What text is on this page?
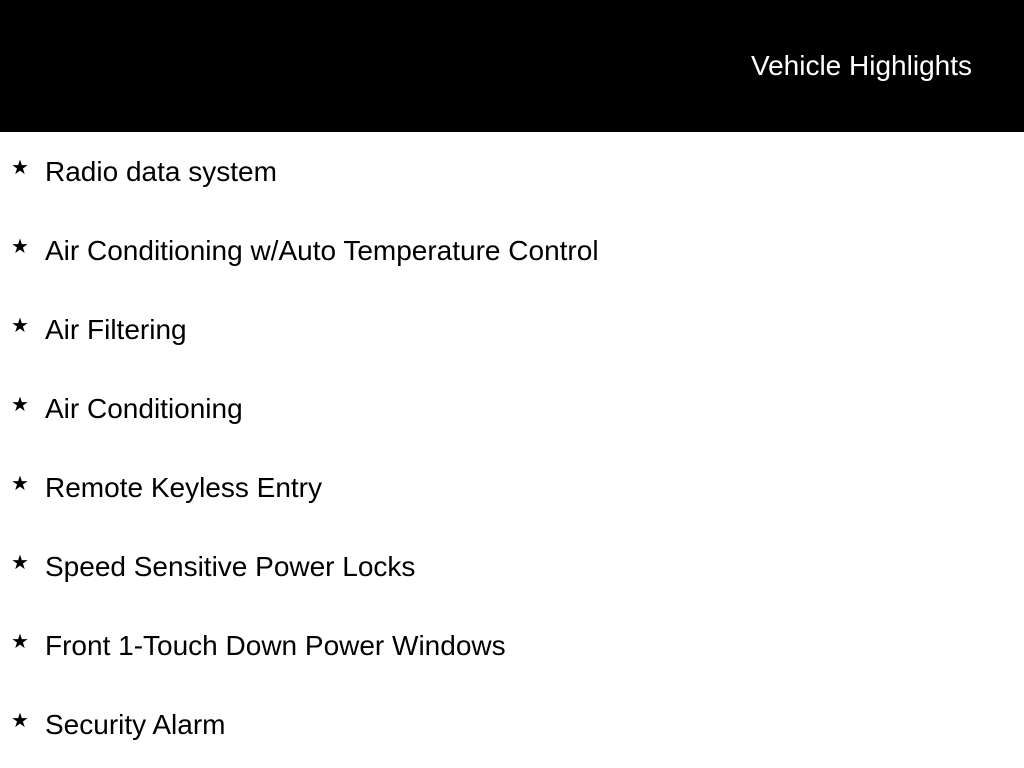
Vehicle Highlights
★ Radio data system
★ Air Conditioning w/Auto Temperature Control
★ Air Filtering
★ Air Conditioning
★ Remote Keyless Entry
★ Speed Sensitive Power Locks
★ Front 1-Touch Down Power Windows
★ Security Alarm
